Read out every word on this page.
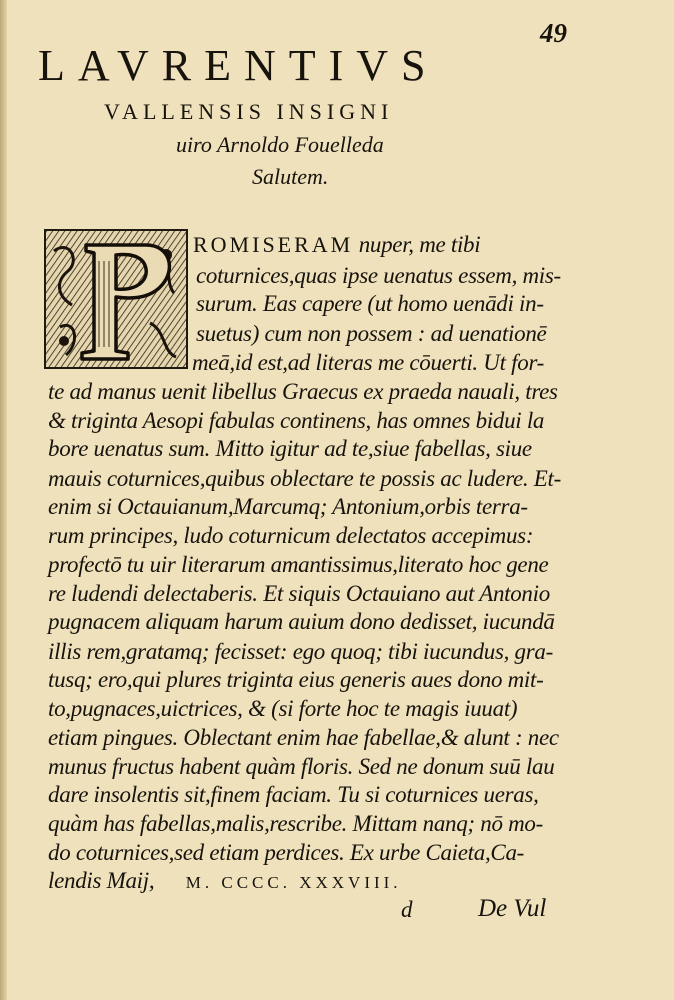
49
LAVRENTIVS
VALLENSIS INSIGNI
uiro Arnoldo Fouelleda
Salutem.
ROMISERAM nuper, me tibi
coturnices,quas ipse uenatus essem, mis-
surum. Eas capere (ut homo uenādi in-
suetus) cum non possem : ad uenationē
meā,id est,ad literas me cōuerti. Ut for-
te ad manus uenit libellus Graecus ex praeda nauali, tres
& triginta Aesopi fabulas continens, has omnes bidui la
bore uenatus sum. Mitto igitur ad te,siue fabellas, siue
mauis coturnices,quibus oblectare te possis ac ludere. Et-
enim si Octauianum,Marcumq; Antonium,orbis terra-
rum principes, ludo coturnicum delectatos accepimus:
profectō tu uir literarum amantissimus,literato hoc gene
re ludendi delectaberis. Et siquis Octauiano aut Antonio
pugnacem aliquam harum auium dono dedisset, iucundā
illis rem,gratamq; fecisset: ego quoq; tibi iucundus, gra-
tusq; ero,qui plures triginta eius generis aues dono mit-
to,pugnaces,uictrices, & (si forte hoc te magis iuuat)
etiam pingues. Oblectant enim hae fabellae,& alunt : nec
munus fructus habent quàm floris. Sed ne donum suū lau
dare insolentis sit,finem faciam. Tu si coturnices ueras,
quàm has fabellas,malis,rescribe. Mittam nanq; nō mo-
do coturnices,sed etiam perdices. Ex urbe Caieta,Ca-
lendis Maij, M. CCCC. XXXVIII.
d	De Vul
